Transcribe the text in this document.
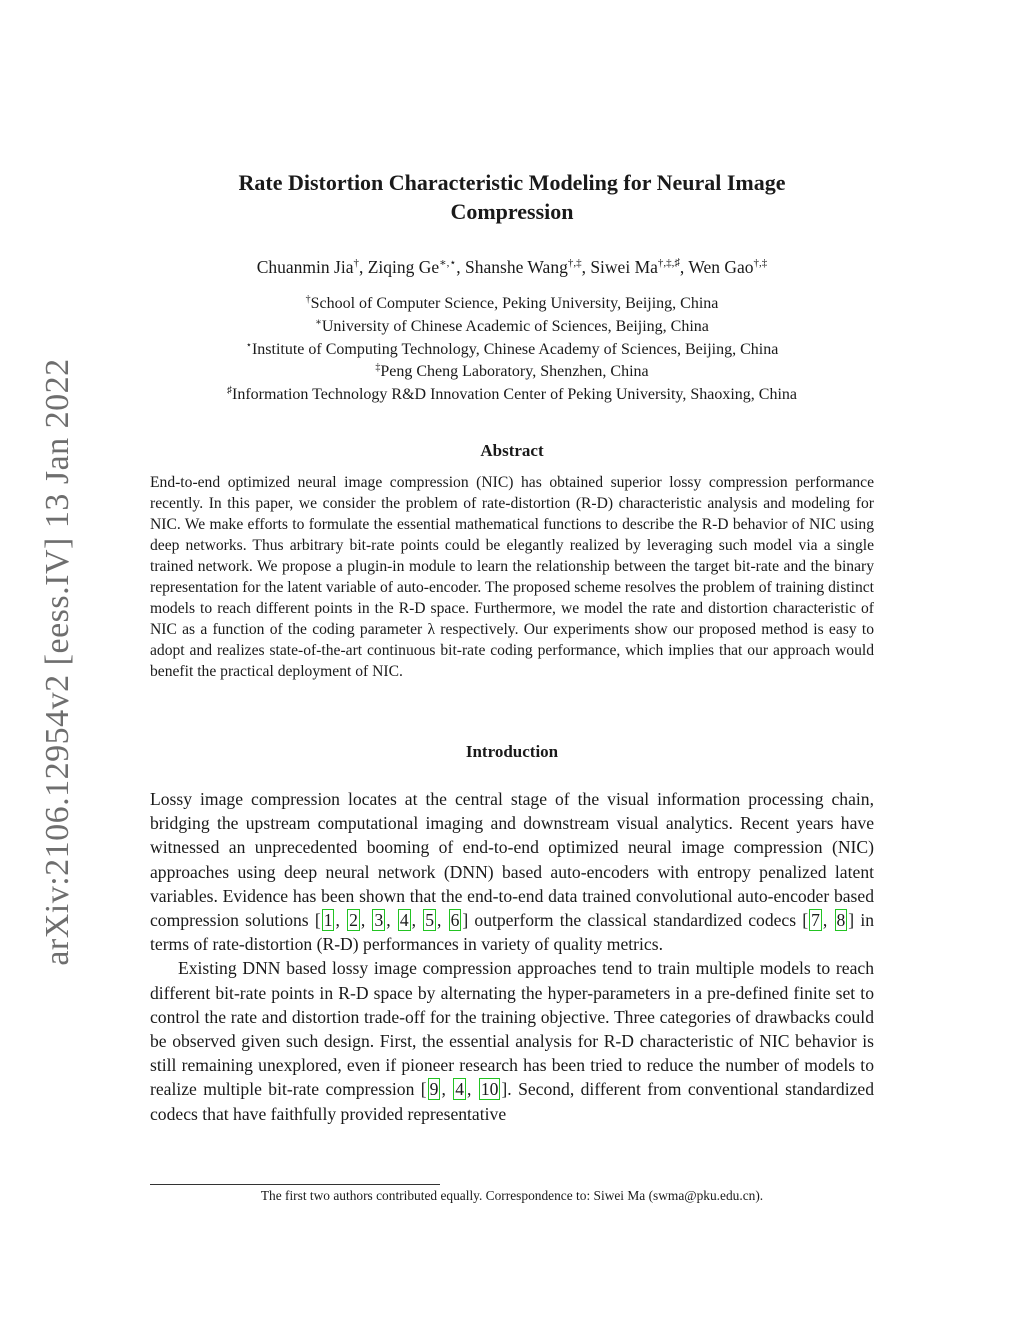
arXiv:2106.12954v2 [eess.IV] 13 Jan 2022
Rate Distortion Characteristic Modeling for Neural Image
Compression
Chuanmin Jia†, Ziqing Ge∗,⋆, Shanshe Wang†,‡, Siwei Ma†,‡,♯, Wen Gao†,‡
†School of Computer Science, Peking University, Beijing, China
∗University of Chinese Academic of Sciences, Beijing, China
⋆Institute of Computing Technology, Chinese Academy of Sciences, Beijing, China
‡Peng Cheng Laboratory, Shenzhen, China
♯Information Technology R&D Innovation Center of Peking University, Shaoxing, China
Abstract
End-to-end optimized neural image compression (NIC) has obtained superior lossy compression performance recently. In this paper, we consider the problem of rate-distortion (R-D) characteristic analysis and modeling for NIC. We make efforts to formulate the essential mathematical functions to describe the R-D behavior of NIC using deep networks. Thus arbitrary bit-rate points could be elegantly realized by leveraging such model via a single trained network. We propose a plugin-in module to learn the relationship between the target bit-rate and the binary representation for the latent variable of auto-encoder. The proposed scheme resolves the problem of training distinct models to reach different points in the R-D space. Furthermore, we model the rate and distortion characteristic of NIC as a function of the coding parameter λ respectively. Our experiments show our proposed method is easy to adopt and realizes state-of-the-art continuous bit-rate coding performance, which implies that our approach would benefit the practical deployment of NIC.
Introduction

Lossy image compression locates at the central stage of the visual information processing chain, bridging the upstream computational imaging and downstream visual analytics. Recent years have witnessed an unprecedented booming of end-to-end optimized neural image compression (NIC) approaches using deep neural network (DNN) based auto-encoders with entropy penalized latent variables. Evidence has been shown that the end-to-end data trained convolutional auto-encoder based compression solutions [ 1 , 2 , 3 , 4 , 5 , 6 ] outperform the classical standardized codecs [ 7 , 8 ] in terms of rate-distortion (R-D) performances in variety of quality metrics.

Existing DNN based lossy image compression approaches tend to train multiple models to reach different bit-rate points in R-D space by alternating the hyper-parameters in a pre-defined finite set to control the rate and distortion trade-off for the training objective. Three categories of drawbacks could be observed given such design. First, the essential analysis for R-D characteristic of NIC behavior is still remaining unexplored, even if pioneer research has been tried to reduce the number of models to realize multiple bit-rate compression [ 9 , 4 , 10 ]. Second, different from conventional standardized codecs that have faithfully provided representative

The first two authors contributed equally. Correspondence to: Siwei Ma (swma@pku.edu.cn).
